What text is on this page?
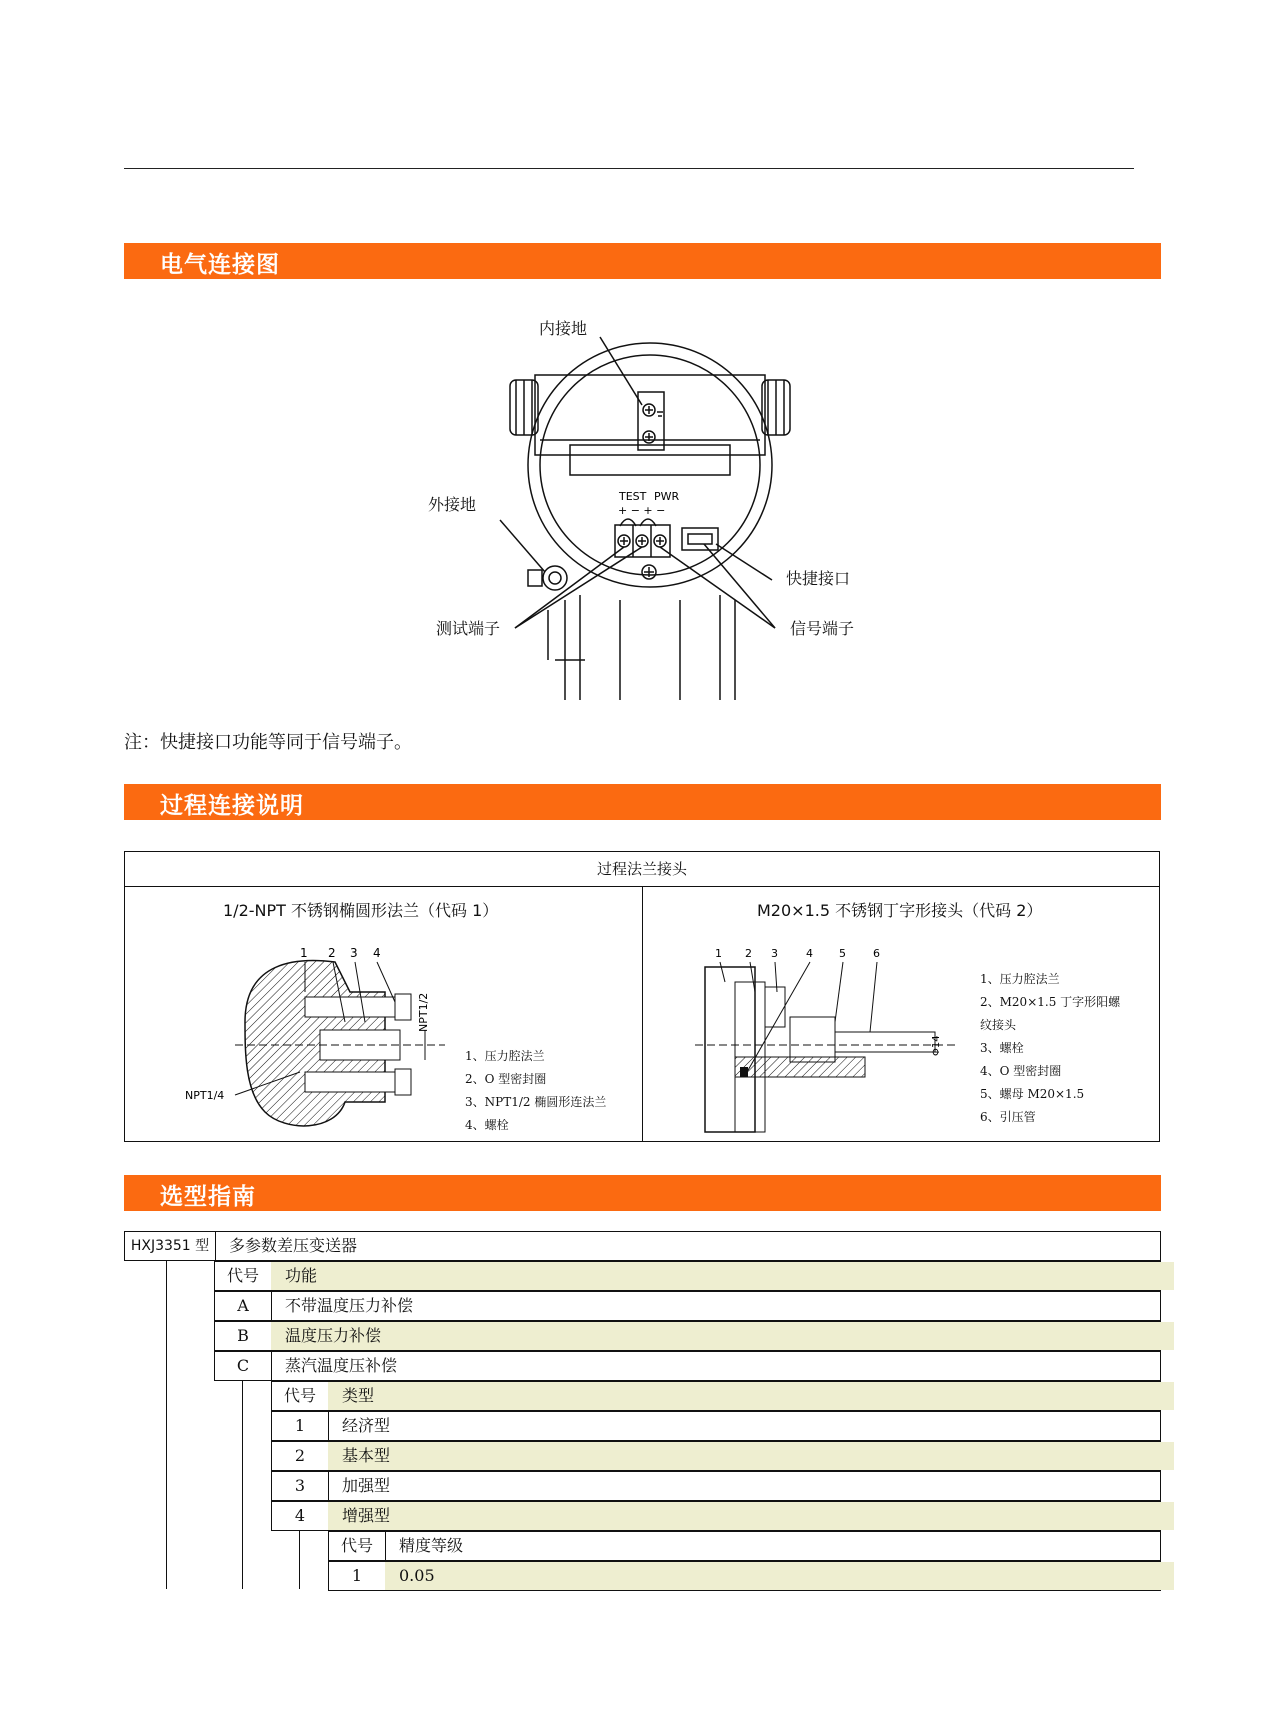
电气连接图
TEST PWR
+ − + −
内接地
外接地
快捷接口
测试端子	信号端子
注：快捷接口功能等同于信号端子。
过程连接说明
过程法兰接头
1/2-NPT 不锈钢椭圆形法兰（代码 1）	M20×1.5 不锈钢丁字形接头（代码 2）
1 2 3 4
NPT1/2
NPT1/4
1、压力腔法兰
2、O 型密封圈
3、NPT1/2 椭圆形连法兰
4、螺栓
1 2 3	4 5 6
Φ14
1、压力腔法兰
2、M20×1.5 丁字形阳螺
纹接头
3、螺栓
4、O 型密封圈
5、螺母 M20×1.5
6、引压管
选型指南
HXJ3351 型	多参数差压变送器
代号	功能
A	不带温度压力补偿
B	温度压力补偿
C	蒸汽温度压补偿
代号	类型
1	经济型
2	基本型
3	加强型
4	增强型
代号	精度等级
1	0.05
